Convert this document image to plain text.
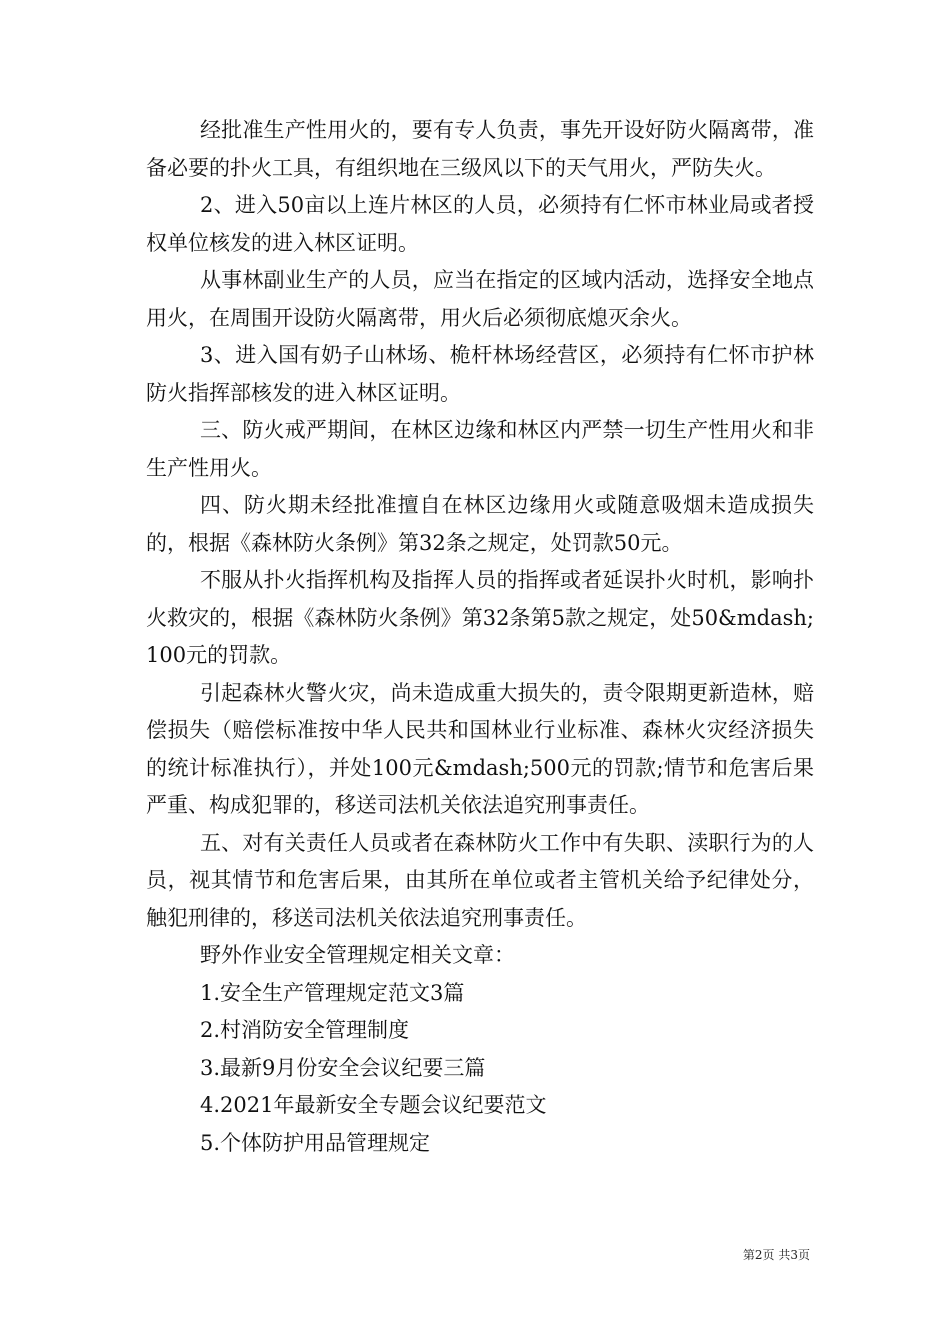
经批准生产性用火的，要有专人负责，事先开设好防火隔离带，准备必要的扑火工具，有组织地在三级风以下的天气用火，严防失火。

2、进入50亩以上连片林区的人员，必须持有仁怀市林业局或者授权单位核发的进入林区证明。

从事林副业生产的人员，应当在指定的区域内活动，选择安全地点用火，在周围开设防火隔离带，用火后必须彻底熄灭余火。

3、进入国有奶子山林场、桅杆林场经营区，必须持有仁怀市护林防火指挥部核发的进入林区证明。

三、防火戒严期间，在林区边缘和林区内严禁一切生产性用火和非生产性用火。

四、防火期未经批准擅自在林区边缘用火或随意吸烟未造成损失的，根据《森林防火条例》第32条之规定，处罚款50元。

不服从扑火指挥机构及指挥人员的指挥或者延误扑火时机，影响扑火救灾的，根据《森林防火条例》第32条第5款之规定，处50&mdash;100元的罚款。

引起森林火警火灾，尚未造成重大损失的，责令限期更新造林，赔偿损失（赔偿标准按中华人民共和国林业行业标准、森林火灾经济损失的统计标准执行），并处100元&mdash;500元的罚款;情节和危害后果严重、构成犯罪的，移送司法机关依法追究刑事责任。

五、对有关责任人员或者在森林防火工作中有失职、渎职行为的人员，视其情节和危害后果，由其所在单位或者主管机关给予纪律处分，触犯刑律的，移送司法机关依法追究刑事责任。

野外作业安全管理规定相关文章：

1.安全生产管理规定范文3篇
2.村消防安全管理制度
3.最新9月份安全会议纪要三篇
4.2021年最新安全专题会议纪要范文
5.个体防护用品管理规定
第2页 共3页
